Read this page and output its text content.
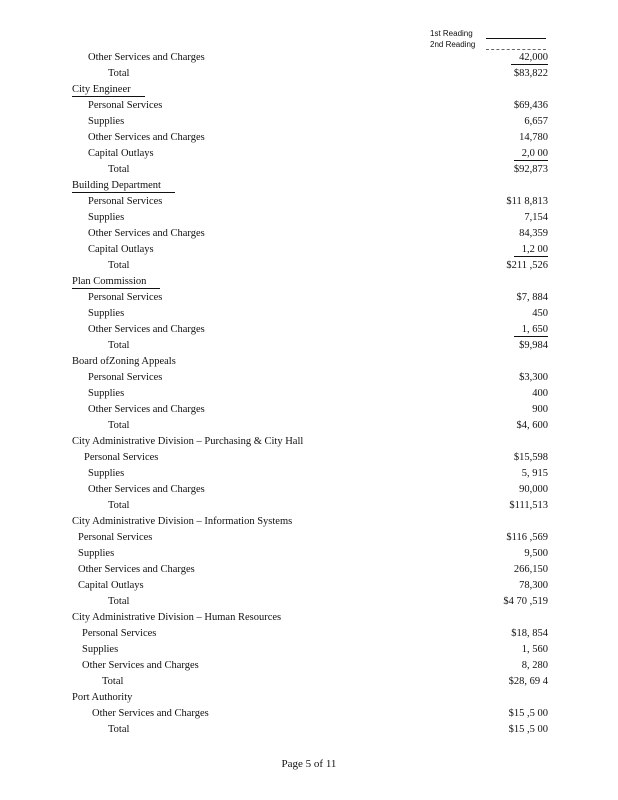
1st Reading
2nd Reading
Other Services and Charges	42,000
Total	$83,822
City Engineer
Personal Services	$69,436
Supplies	6,657
Other Services and Charges	14,780
Capital Outlays	2,0 00
Total	$92,873
Building Department
Personal Services	$11 8,813
Supplies	7,154
Other Services and Charges	84,359
Capital Outlays	1,2 00
Total	$211 ,526
Plan Commission
Personal Services	$7, 884
Supplies	450
Other Services and Charges	1, 650
Total	$9,984
Board ofZoning Appeals
Personal Services	$3,300
Supplies	400
Other Services and Charges	900
Total	$4, 600
City Administrative Division – Purchasing & City Hall
Personal Services	$15,598
Supplies	5, 915
Other Services and Charges	90,000
Total	$111,513
City Administrative Division – Information Systems
Personal Services	$116 ,569
Supplies	9,500
Other Services and Charges	266,150
Capital Outlays	78,300
Total	$4 70 ,519
City Administrative Division – Human Resources
Personal Services	$18, 854
Supplies	1, 560
Other Services and Charges	8, 280
Total	$28, 69 4
Port Authority
Other Services and Charges	$15 ,5 00
Total	$15 ,5 00
Page 5 of 11
